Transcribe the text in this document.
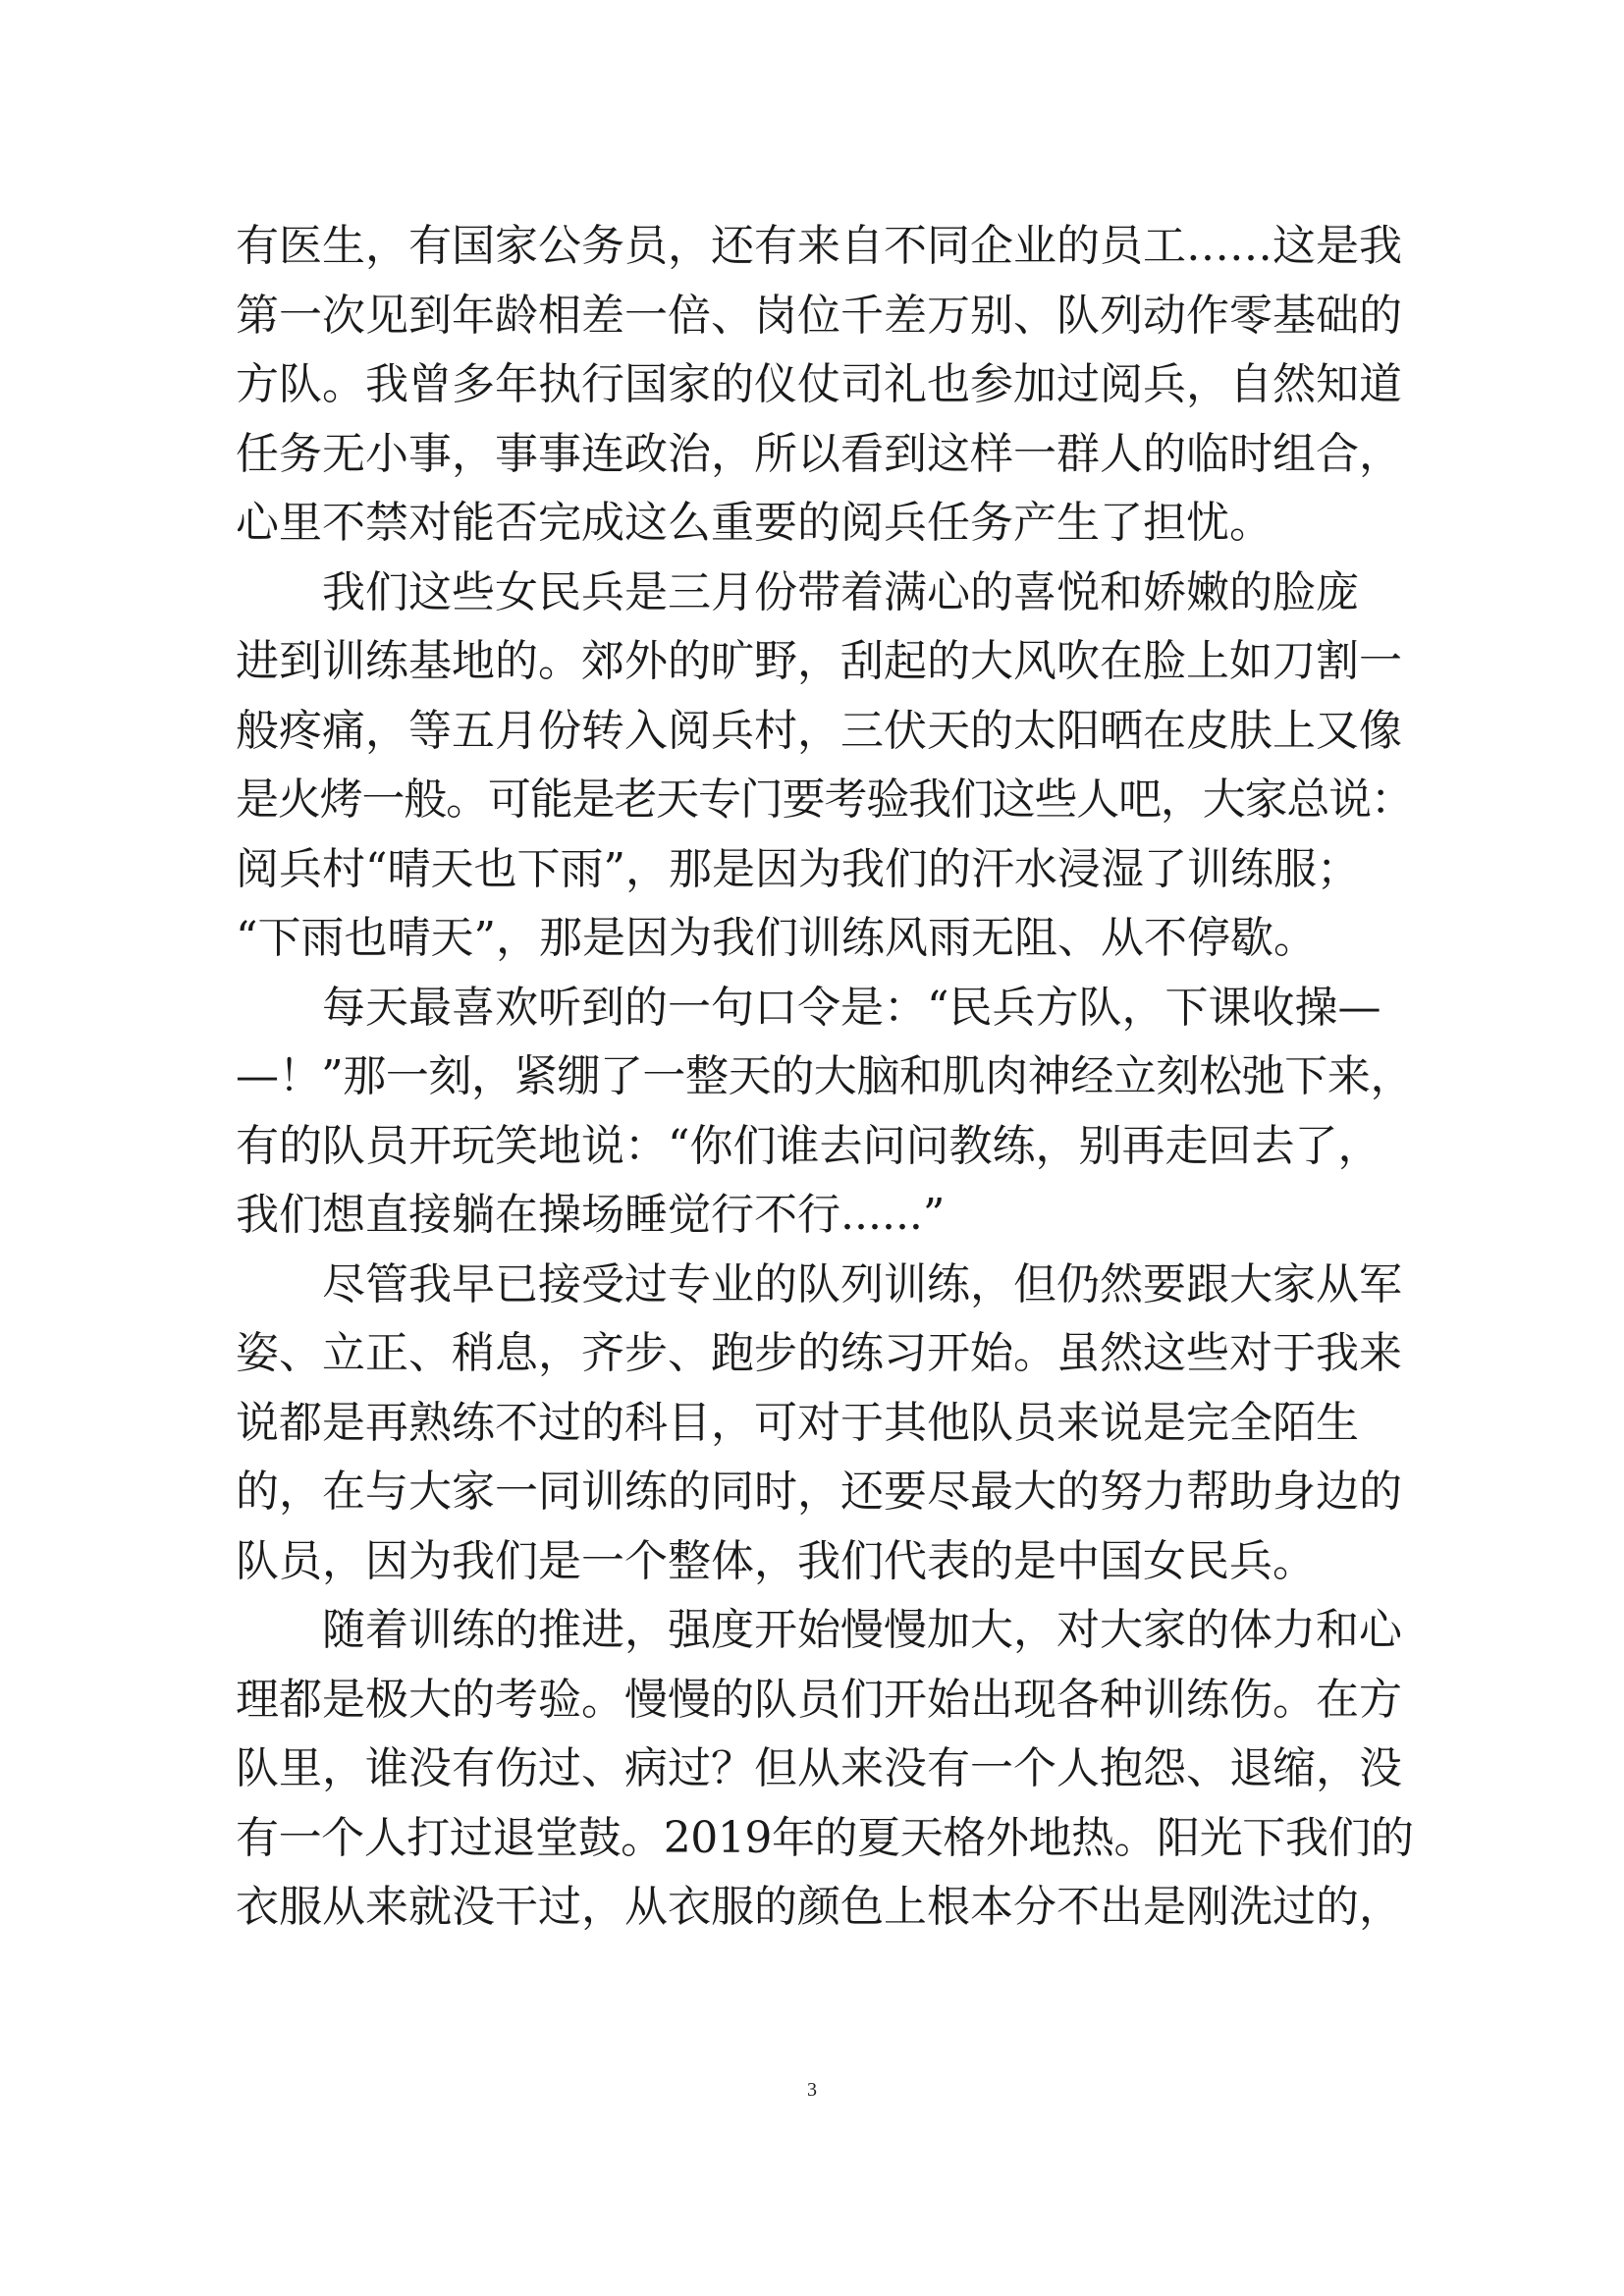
有医生，有国家公务员，还有来自不同企业的员工……这是我
第一次见到年龄相差一倍、岗位千差万别、队列动作零基础的
方队。我曾多年执行国家的仪仗司礼也参加过阅兵，自然知道
任务无小事，事事连政治，所以看到这样一群人的临时组合，
心里不禁对能否完成这么重要的阅兵任务产生了担忧。
我们这些女民兵是三月份带着满心的喜悦和娇嫩的脸庞
进到训练基地的。郊外的旷野，刮起的大风吹在脸上如刀割一
般疼痛，等五月份转入阅兵村，三伏天的太阳晒在皮肤上又像
是火烤一般。可能是老天专门要考验我们这些人吧，大家总说：
阅兵村“晴天也下雨”，那是因为我们的汗水浸湿了训练服；
“下雨也晴天”，那是因为我们训练风雨无阻、从不停歇。
每天最喜欢听到的一句口令是：“民兵方队，下课收操—
—！”那一刻，紧绷了一整天的大脑和肌肉神经立刻松弛下来，
有的队员开玩笑地说：“你们谁去问问教练，别再走回去了，
我们想直接躺在操场睡觉行不行......”
尽管我早已接受过专业的队列训练，但仍然要跟大家从军
姿、立正、稍息，齐步、跑步的练习开始。虽然这些对于我来
说都是再熟练不过的科目，可对于其他队员来说是完全陌生
的，在与大家一同训练的同时，还要尽最大的努力帮助身边的
队员，因为我们是一个整体，我们代表的是中国女民兵。
随着训练的推进，强度开始慢慢加大，对大家的体力和心
理都是极大的考验。慢慢的队员们开始出现各种训练伤。在方
队里，谁没有伤过、病过？但从来没有一个人抱怨、退缩，没
有一个人打过退堂鼓。2019年的夏天格外地热。阳光下我们的
衣服从来就没干过，从衣服的颜色上根本分不出是刚洗过的，
3
